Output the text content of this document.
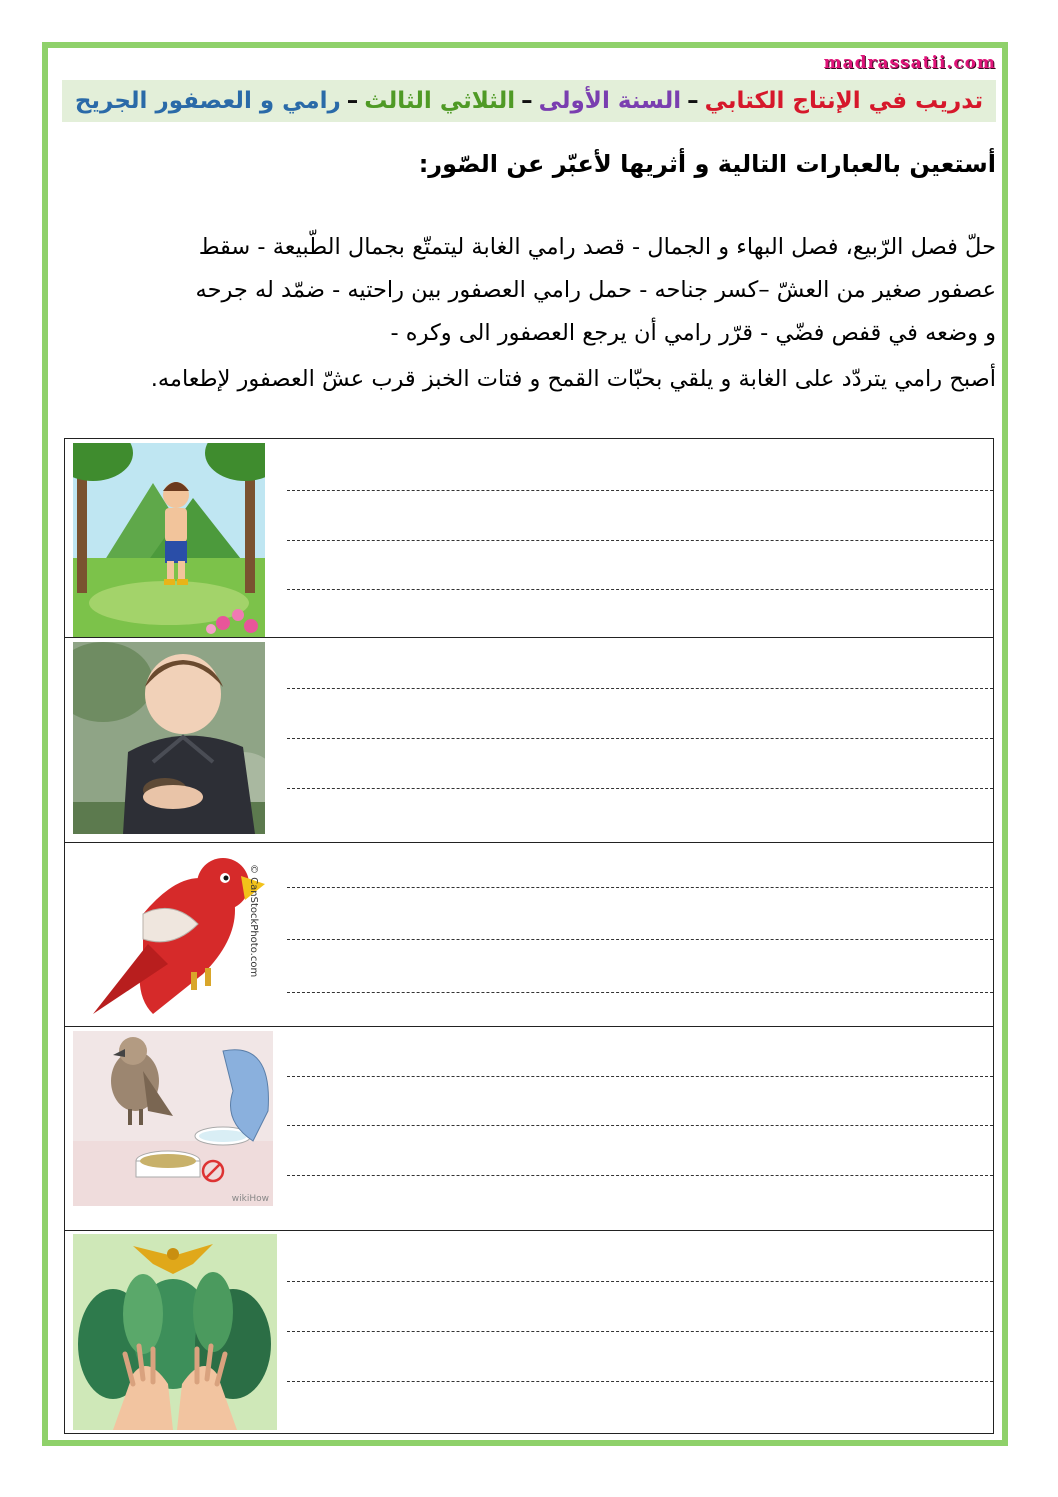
madrassatii.com
تدريب في الإنتاج الكتابي
–
السنة الأولى
–
الثلاثي الثالث
–
رامي و العصفور الجريح
أستعين بالعبارات التالية و أثريها لأعبّر عن الصّور:

حلّ فصل الرّبيع، فصل البهاء و الجمال - قصد رامي الغابة ليتمتّع بجمال الطّبيعة - سقط

عصفور صغير من العشّ –كسر جناحه - حمل رامي العصفور بين راحتيه - ضمّد له جرحه

و وضعه في قفص فضّي - قرّر رامي أن يرجع العصفور الى وكره -

أصبح رامي يتردّد على الغابة و يلقي بحبّات القمح و فتات الخبز قرب عشّ العصفور لإطعامه.
© CanStockPhoto.com
wikiHow
